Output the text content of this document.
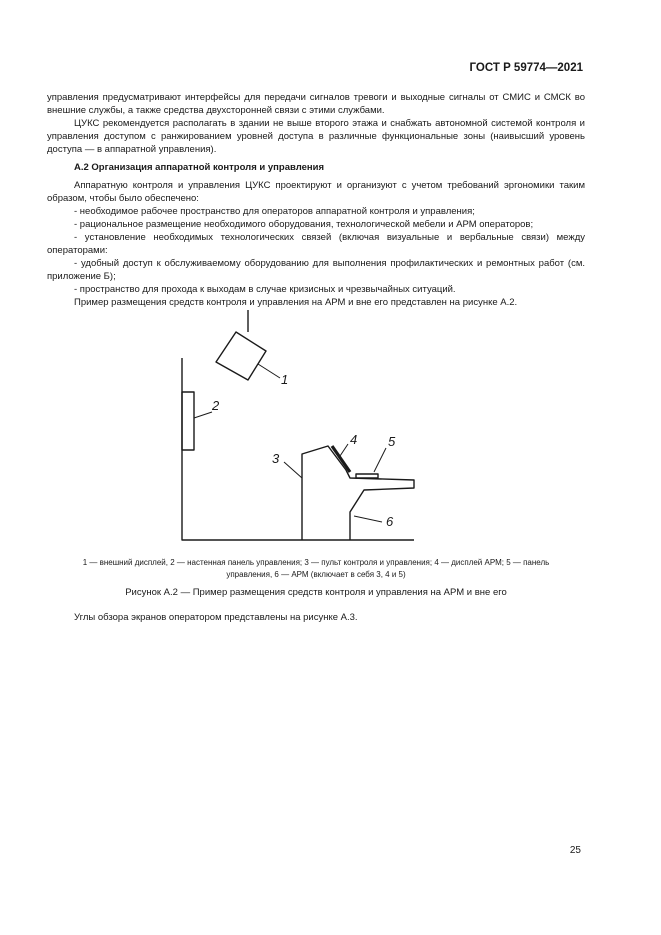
ГОСТ Р 59774—2021

управления предусматривают интерфейсы для передачи сигналов тревоги и выходные сигналы от СМИС и СМСК во внешние службы, а также средства двухсторонней связи с этими службами.

ЦУКС рекомендуется располагать в здании не выше второго этажа и снабжать автономной системой контроля и управления доступом с ранжированием уровней доступа в различные функциональные зоны (наивысший уровень доступа — в аппаратной управления).

А.2 Организация аппаратной контроля и управления

Аппаратную контроля и управления ЦУКС проектируют и организуют с учетом требований эргономики таким образом, чтобы было обеспечено:

- необходимое рабочее пространство для операторов аппаратной контроля и управления;

- рациональное размещение необходимого оборудования, технологической мебели и АРМ операторов;

- установление необходимых технологических связей (включая визуальные и вербальные связи) между операторами:

- удобный доступ к обслуживаемому оборудованию для выполнения профилактических и ремонтных работ (см. приложение Б);

- пространство для прохода к выходам в случае кризисных и чрезвычайных ситуаций.

Пример размещения средств контроля и управления на АРМ и вне его представлен на рисунке А.2.

1
2
3
4 5
6
1 — внешний дисплей, 2 — настенная панель управления; 3 — пульт контроля и управления; 4 — дисплей АРМ; 5 — панель
управления, 6 — АРМ (включает в себя 3, 4 и 5)
Рисунок А.2 — Пример размещения средств контроля и управления на АРМ и вне его
Углы обзора экранов оператором представлены на рисунке А.3.
25
